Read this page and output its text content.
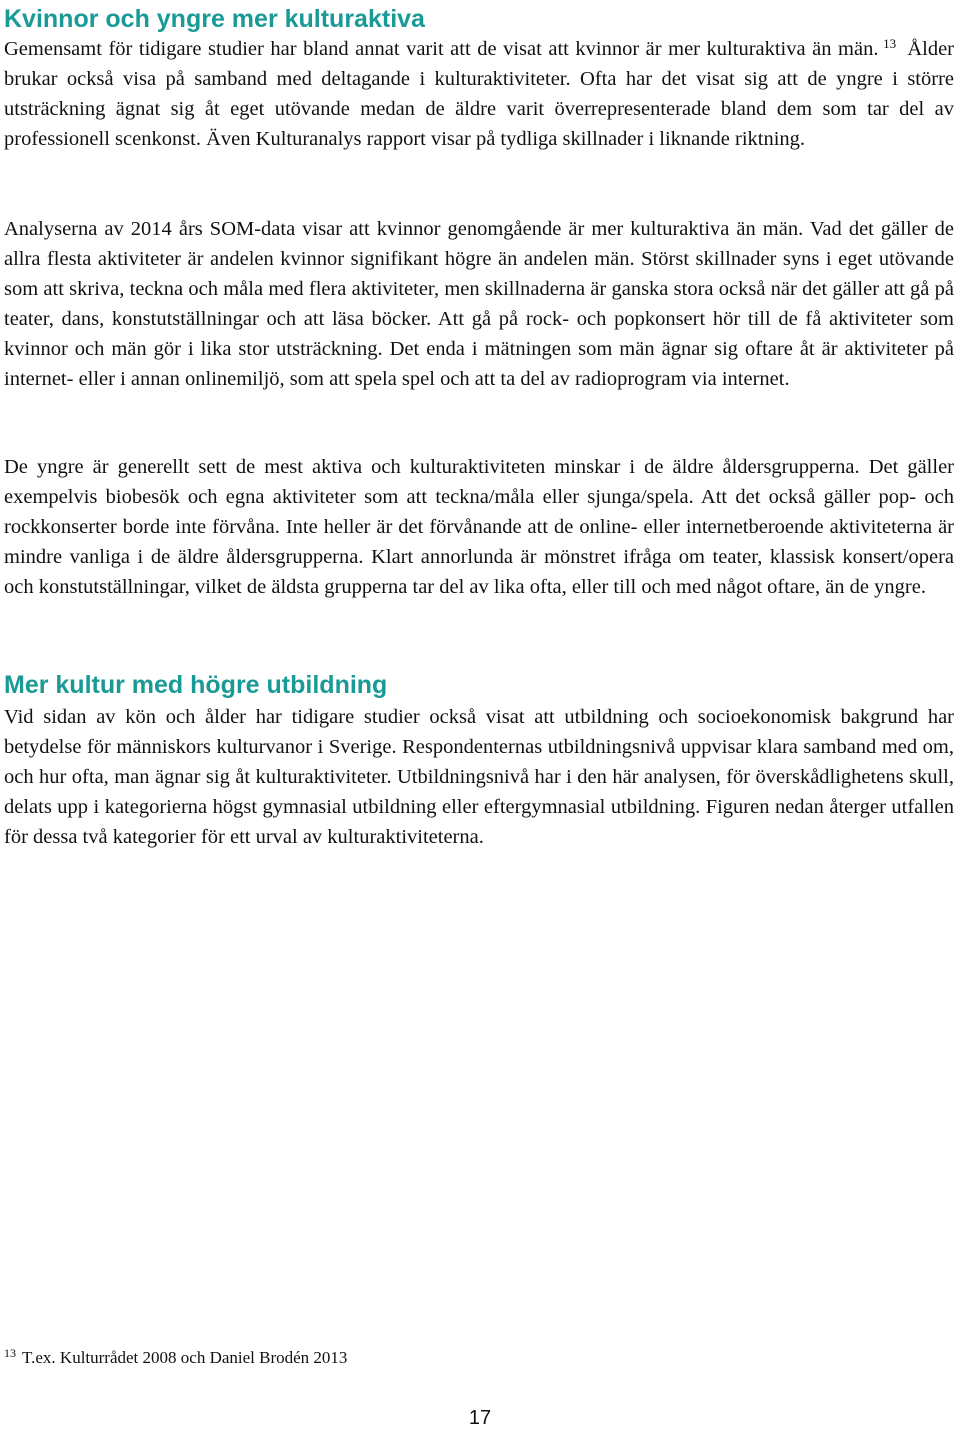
Kvinnor och yngre mer kulturaktiva

Gemensamt för tidigare studier har bland annat varit att de visat att kvinnor är mer kulturaktiva än män. $^{13}$  Ålder brukar också visa på samband med deltagande i kulturaktiviteter. Ofta har det visat sig att de yngre i större utsträckning ägnat sig åt eget utövande medan de äldre varit överrepresenterade bland dem som tar del av professionell scenkonst. Även Kulturanalys rapport visar på tydliga skillnader i liknande riktning.

Analyserna av 2014 års SOM-data visar att kvinnor genomgående är mer kulturaktiva än män. Vad det gäller de allra flesta aktiviteter är andelen kvinnor signifikant högre än andelen män. Störst skillnader syns i eget utövande som att skriva, teckna och måla med flera aktiviteter, men skillnaderna är ganska stora också när det gäller att gå på teater, dans, konstutställningar och att läsa böcker. Att gå på rock- och popkonsert hör till de få aktiviteter som kvinnor och män gör i lika stor utsträckning. Det enda i mätningen som män ägnar sig oftare åt är aktiviteter på internet- eller i annan onlinemiljö, som att spela spel och att ta del av radioprogram via internet.

De yngre är generellt sett de mest aktiva och kulturaktiviteten minskar i de äldre åldersgrupperna. Det gäller exempelvis biobesök och egna aktiviteter som att teckna/måla eller sjunga/spela. Att det också gäller pop- och rockkonserter borde inte förvåna. Inte heller är det förvånande att de online- eller internetberoende aktiviteterna är mindre vanliga i de äldre åldersgrupperna. Klart annorlunda är mönstret ifråga om teater, klassisk konsert/opera och konstutställningar, vilket de äldsta grupperna tar del av lika ofta, eller till och med något oftare, än de yngre.

Mer kultur med högre utbildning

Vid sidan av kön och ålder har tidigare studier också visat att utbildning och socioekonomisk bakgrund har betydelse för människors kulturvanor i Sverige. Respondenternas utbildningsnivå uppvisar klara samband med om, och hur ofta, man ägnar sig åt kulturaktiviteter. Utbildningsnivå har i den här analysen, för överskådlighetens skull, delats upp i kategorierna högst gymnasial utbildning eller eftergymnasial utbildning. Figuren nedan återger utfallen för dessa två kategorier för ett urval av kulturaktiviteterna.

$^{13}$ T.ex. Kulturrådet 2008 och Daniel Brodén 2013

17
